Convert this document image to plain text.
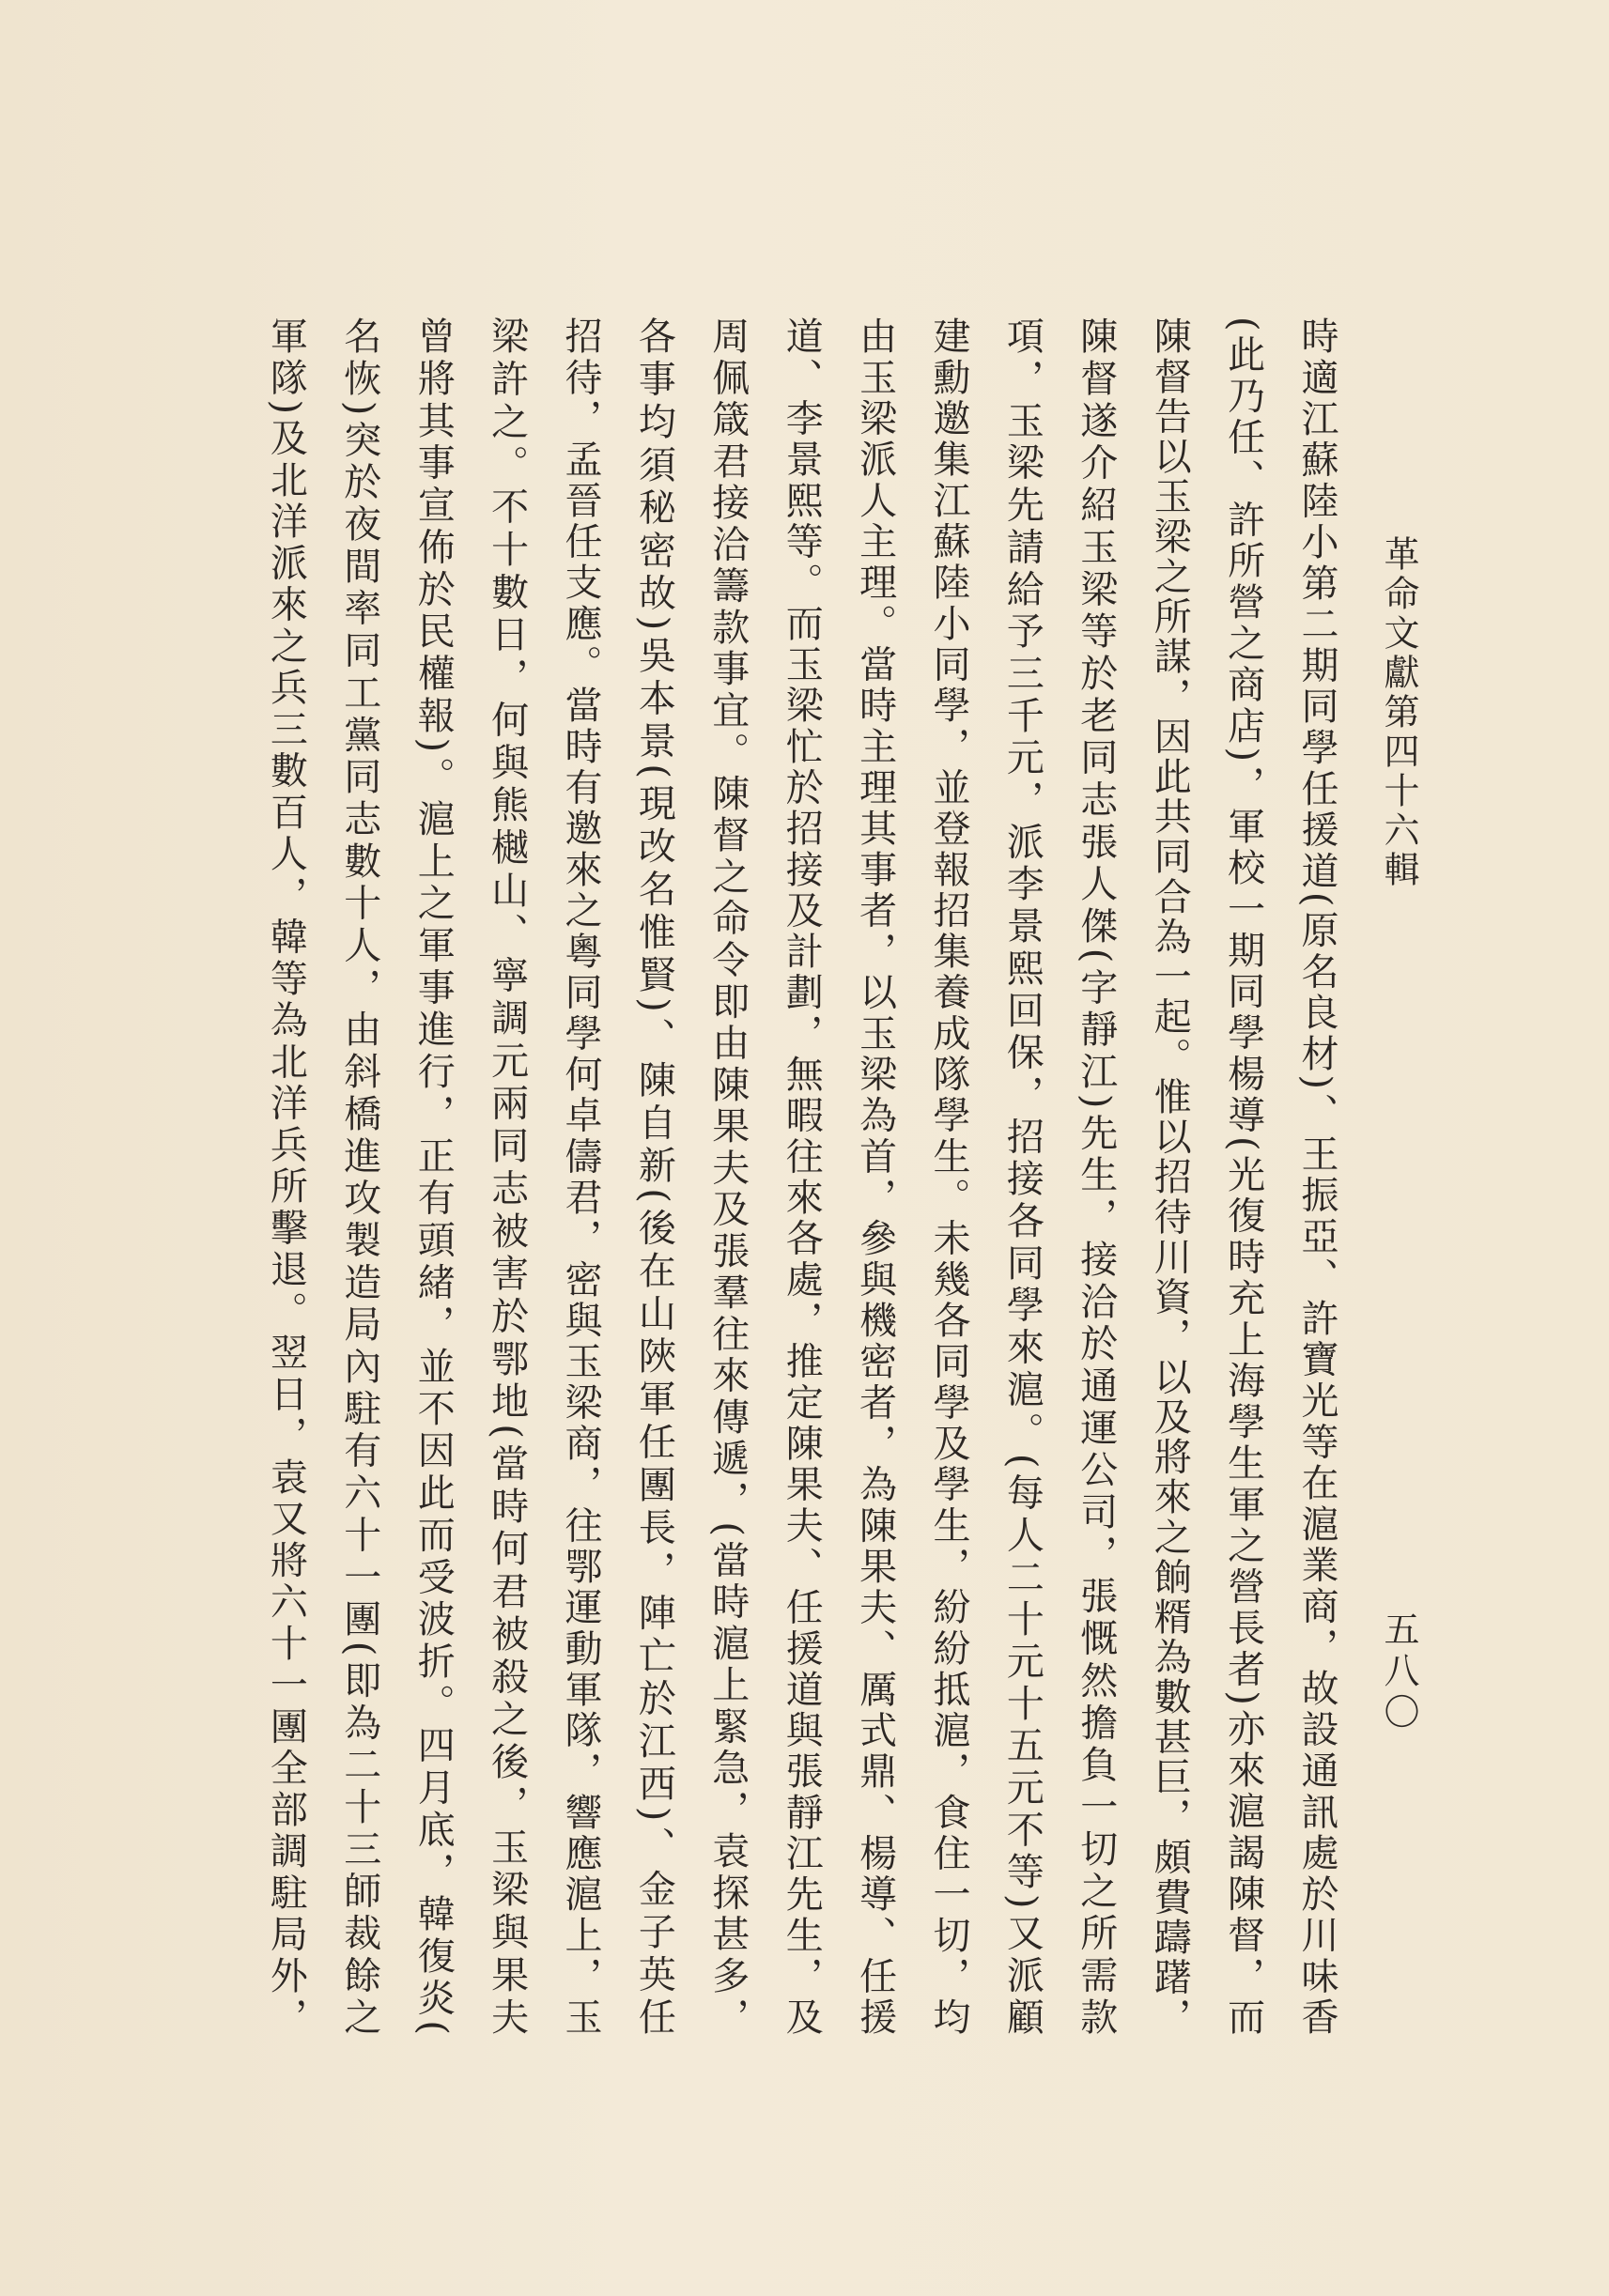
革命文獻第四十六輯
五八〇
時適江蘇陸小第二期同學任援道(原名良材)、王振亞、許寶光等在滬業商，故設通訊處於川味香
(此乃任、許所營之商店)，軍校一期同學楊導(光復時充上海學生軍之營長者)亦來滬謁陳督，而
陳督告以玉梁之所謀，因此共同合為一起。惟以招待川資，以及將來之餉糈為數甚巨，頗費躊躇，
陳督遂介紹玉梁等於老同志張人傑(字靜江)先生，接洽於通運公司，張慨然擔負一切之所需款
項，玉梁先請給予三千元，派李景熙回保，招接各同學來滬。(每人二十元十五元不等)又派顧
建勳邀集江蘇陸小同學，並登報招集養成隊學生。未幾各同學及學生，紛紛抵滬，食住一切，均
由玉梁派人主理。當時主理其事者，以玉梁為首，參與機密者，為陳果夫、厲式鼎、楊導、任援
道、李景熙等。而玉梁忙於招接及計劃，無暇往來各處，推定陳果夫、任援道與張靜江先生，及
周佩箴君接洽籌款事宜。陳督之命令即由陳果夫及張羣往來傳遞，(當時滬上緊急，袁探甚多，
各事均須秘密故)吳本景(現改名惟賢)、陳自新(後在山陜軍任團長，陣亡於江西)、金子英任
招待，孟晉任支應。當時有邀來之粵同學何卓儔君，密與玉梁商，往鄂運動軍隊，響應滬上，玉
梁許之。不十數日，何與熊樾山、寧調元兩同志被害於鄂地(當時何君被殺之後，玉梁與果夫
曾將其事宣佈於民權報)。滬上之軍事進行，正有頭緒，並不因此而受波折。四月底，韓復炎(
名恢)突於夜間率同工黨同志數十人，由斜橋進攻製造局內駐有六十一團(即為二十三師裁餘之
軍隊)及北洋派來之兵三數百人，韓等為北洋兵所擊退。翌日，袁又將六十一團全部調駐局外，
